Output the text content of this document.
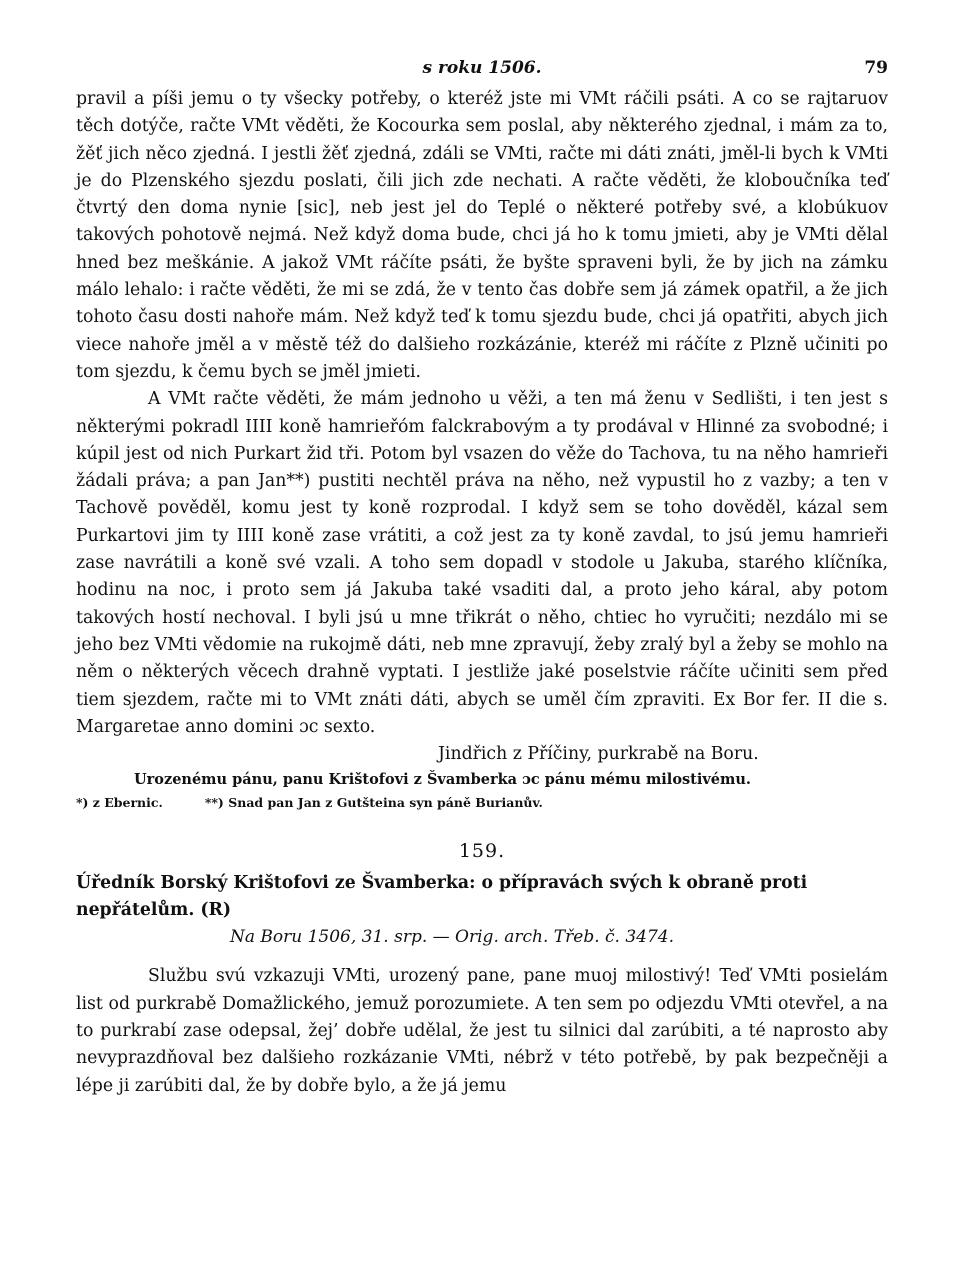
s roku 1506.	79

pravil a píši jemu o ty všecky potřeby, o kteréž jste mi VMt ráčili psáti. A co se rajtaruov těch dotýče, račte VMt věděti, že Kocourka sem poslal, aby některého zjednal, i mám za to, žěť jich něco zjedná. I jestli žěť zjedná, zdáli se VMti, račte mi dáti znáti, jměl-li bych k VMti je do Plzenského sjezdu poslati, čili jich zde nechati. A račte věděti, že kloboučníka teď čtvrtý den doma nynie [sic], neb jest jel do Teplé o některé potřeby své, a klobúkuov takových pohotově nejmá. Než když doma bude, chci já ho k tomu jmieti, aby je VMti dělal hned bez meškánie. A jakož VMt ráčíte psáti, že byšte spraveni byli, že by jich na zámku málo lehalo: i račte věděti, že mi se zdá, že v tento čas dobře sem já zámek opatřil, a že jich tohoto času dosti nahoře mám. Než když teď k tomu sjezdu bude, chci já opatřiti, abych jich viece nahoře jměl a v městě též do dalšieho rozkázánie, kteréž mi ráčíte z Plzně učiniti po tom sjezdu, k čemu bych se jměl jmieti.

A VMt račte věděti, že mám jednoho u věži, a ten má ženu v Sedlišti, i ten jest s některými pokradl IIII koně hamrieřóm falckrabovým a ty prodával v Hlinné za svobodné; i kúpil jest od nich Purkart žid tři. Potom byl vsazen do věže do Tachova, tu na něho hamrieři žádali práva; a pan Jan**) pustiti nechtěl práva na něho, než vypustil ho z vazby; a ten v Tachově pověděl, komu jest ty koně rozprodal. I když sem se toho dověděl, kázal sem Purkartovi jim ty IIII koně zase vrátiti, a což jest za ty koně zavdal, to jsú jemu hamrieři zase navrátili a koně své vzali. A toho sem dopadl v stodole u Jakuba, starého klíčníka, hodinu na noc, i proto sem já Jakuba také vsaditi dal, a proto jeho káral, aby potom takových hostí nechoval. I byli jsú u mne třikrát o něho, chtiec ho vyručiti; nezdálo mi se jeho bez VMti vědomie na rukojmě dáti, neb mne zpravují, žeby zralý byl a žeby se mohlo na něm o některých věcech drahně vyptati. I jestliže jaké poselstvie ráčíte učiniti sem před tiem sjezdem, račte mi to VMt znáti dáti, abych se uměl čím zpraviti. Ex Bor fer. II die s. Margaretae anno domini ɔc sexto.

Jindřich z Příčiny, purkrabě na Boru.
Urozenému pánu, panu Krištofovi z Švamberka ɔc pánu mému milostivému.
*) z Ebernic.	**) Snad pan Jan z Gutšteina syn páně Burianův.
159.
Úředník Borský Krištofovi ze Švamberka: o přípravách svých k obraně proti nepřátelům. (R)
Na Boru 1506, 31. srp. — Orig. arch. Třeb. č. 3474.

Službu svú vzkazuji VMti, urozený pane, pane muoj milostivý! Teď VMti posielám list od purkrabě Domažlického, jemuž porozumiete. A ten sem po odjezdu VMti otevřel, a na to purkrabí zase odepsal, žej’ dobře udělal, že jest tu silnici dal zarúbiti, a té naprosto aby nevyprazdňoval bez dalšieho rozkázanie VMti, nébrž v této potřebě, by pak bezpečněji a lépe ji zarúbiti dal, že by dobře bylo, a že já jemu
